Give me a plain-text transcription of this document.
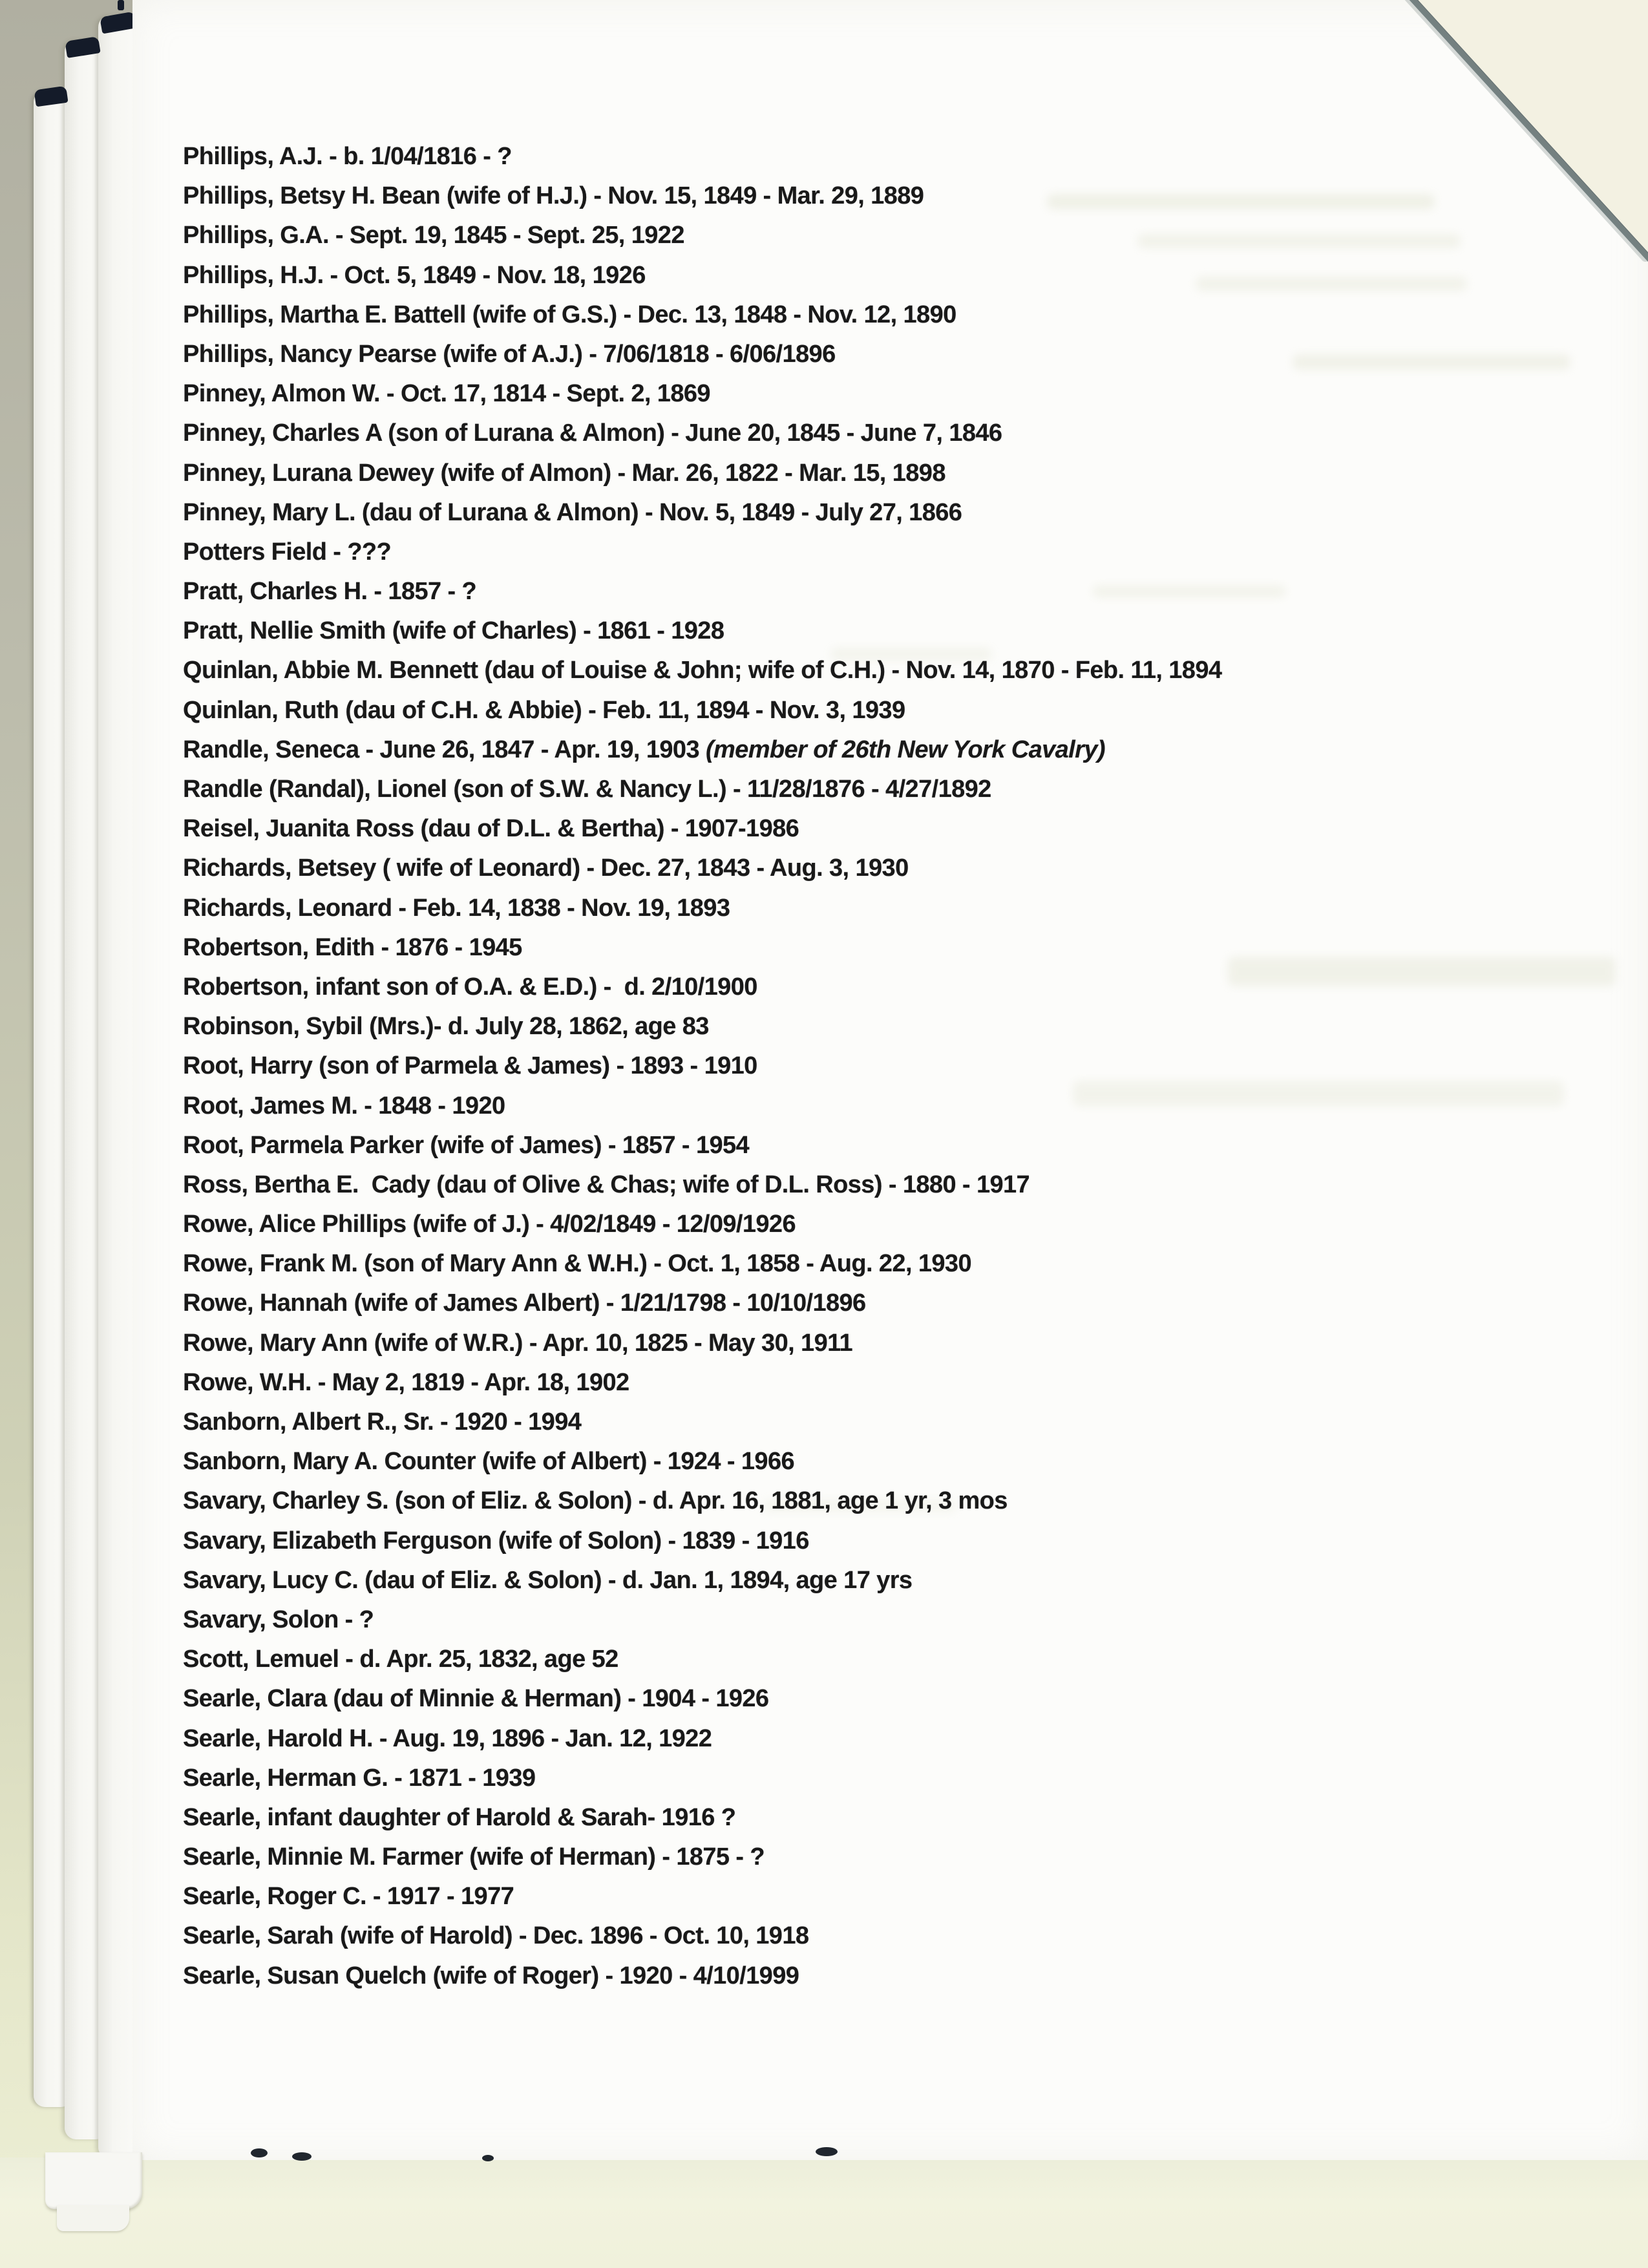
Phillips, A.J. - b. 1/04/1816 - ?
Phillips, Betsy H. Bean (wife of H.J.) - Nov. 15, 1849 - Mar. 29, 1889
Phillips, G.A. - Sept. 19, 1845 - Sept. 25, 1922
Phillips, H.J. - Oct. 5, 1849 - Nov. 18, 1926
Phillips, Martha E. Battell (wife of G.S.) - Dec. 13, 1848 - Nov. 12, 1890
Phillips, Nancy Pearse (wife of A.J.) - 7/06/1818 - 6/06/1896
Pinney, Almon W. - Oct. 17, 1814 - Sept. 2, 1869
Pinney, Charles A (son of Lurana & Almon) - June 20, 1845 - June 7, 1846
Pinney, Lurana Dewey (wife of Almon) - Mar. 26, 1822 - Mar. 15, 1898
Pinney, Mary L. (dau of Lurana & Almon) - Nov. 5, 1849 - July 27, 1866
Potters Field - ???
Pratt, Charles H. - 1857 - ?
Pratt, Nellie Smith (wife of Charles) - 1861 - 1928
Quinlan, Abbie M. Bennett (dau of Louise & John; wife of C.H.) - Nov. 14, 1870 - Feb. 11, 1894
Quinlan, Ruth (dau of C.H. & Abbie) - Feb. 11, 1894 - Nov. 3, 1939
Randle, Seneca - June 26, 1847 - Apr. 19, 1903 (member of 26th New York Cavalry)
Randle (Randal), Lionel (son of S.W. & Nancy L.) - 11/28/1876 - 4/27/1892
Reisel, Juanita Ross (dau of D.L. & Bertha) - 1907-1986
Richards, Betsey ( wife of Leonard) - Dec. 27, 1843 - Aug. 3, 1930
Richards, Leonard - Feb. 14, 1838 - Nov. 19, 1893
Robertson, Edith - 1876 - 1945
Robertson, infant son of O.A. & E.D.) -  d. 2/10/1900
Robinson, Sybil (Mrs.)- d. July 28, 1862, age 83
Root, Harry (son of Parmela & James) - 1893 - 1910
Root, James M. - 1848 - 1920
Root, Parmela Parker (wife of James) - 1857 - 1954
Ross, Bertha E.  Cady (dau of Olive & Chas; wife of D.L. Ross) - 1880 - 1917
Rowe, Alice Phillips (wife of J.) - 4/02/1849 - 12/09/1926
Rowe, Frank M. (son of Mary Ann & W.H.) - Oct. 1, 1858 - Aug. 22, 1930
Rowe, Hannah (wife of James Albert) - 1/21/1798 - 10/10/1896
Rowe, Mary Ann (wife of W.R.) - Apr. 10, 1825 - May 30, 1911
Rowe, W.H. - May 2, 1819 - Apr. 18, 1902
Sanborn, Albert R., Sr. - 1920 - 1994
Sanborn, Mary A. Counter (wife of Albert) - 1924 - 1966
Savary, Charley S. (son of Eliz. & Solon) - d. Apr. 16, 1881, age 1 yr, 3 mos
Savary, Elizabeth Ferguson (wife of Solon) - 1839 - 1916
Savary, Lucy C. (dau of Eliz. & Solon) - d. Jan. 1, 1894, age 17 yrs
Savary, Solon - ?
Scott, Lemuel - d. Apr. 25, 1832, age 52
Searle, Clara (dau of Minnie & Herman) - 1904 - 1926
Searle, Harold H. - Aug. 19, 1896 - Jan. 12, 1922
Searle, Herman G. - 1871 - 1939
Searle, infant daughter of Harold & Sarah- 1916 ?
Searle, Minnie M. Farmer (wife of Herman) - 1875 - ?
Searle, Roger C. - 1917 - 1977
Searle, Sarah (wife of Harold) - Dec. 1896 - Oct. 10, 1918
Searle, Susan Quelch (wife of Roger) - 1920 - 4/10/1999
